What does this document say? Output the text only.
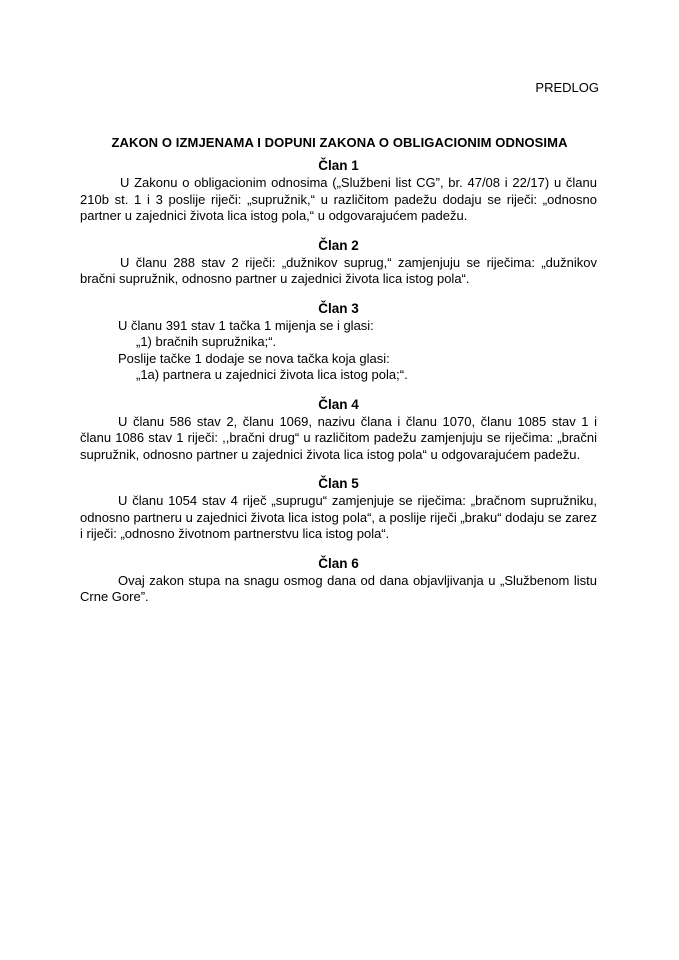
PREDLOG
ZAKON O IZMJENAMA I DOPUNI ZAKONA O OBLIGACIONIM ODNOSIMA
Član 1

U Zakonu o obligacionim odnosima („Službeni list CG”, br. 47/08 i 22/17) u članu 210b st. 1 i 3 poslije riječi: „supružnik,“ u različitom padežu dodaju se riječi: „odnosno partner u zajednici života lica istog pola,“ u odgovarajućem padežu.

Član 2

U članu 288 stav 2 riječi: „dužnikov suprug,“ zamjenjuju se riječima: „dužnikov bračni supružnik, odnosno partner u zajednici života lica istog pola“.

Član 3

U članu 391 stav 1 tačka 1 mijenja se i glasi:

„1) bračnih supružnika;“.

Poslije tačke 1 dodaje se nova tačka koja glasi:

„1a) partnera u zajednici života lica istog pola;“.

Član 4

U članu 586 stav 2, članu 1069, nazivu člana i članu 1070, članu 1085 stav 1 i članu 1086 stav 1 riječi: ,,bračni drug“ u različitom padežu zamjenjuju se riječima: „bračni supružnik, odnosno partner u zajednici života lica istog pola“ u odgovarajućem padežu.

Član 5

U članu 1054 stav 4 riječ „suprugu“ zamjenjuje se riječima: „bračnom supružniku, odnosno partneru u zajednici života lica istog pola“, a poslije riječi „braku“ dodaju se zarez i riječi: „odnosno životnom partnerstvu lica istog pola“.

Član 6

Ovaj zakon stupa na snagu osmog dana od dana objavljivanja u „Službenom listu Crne Gore”.
